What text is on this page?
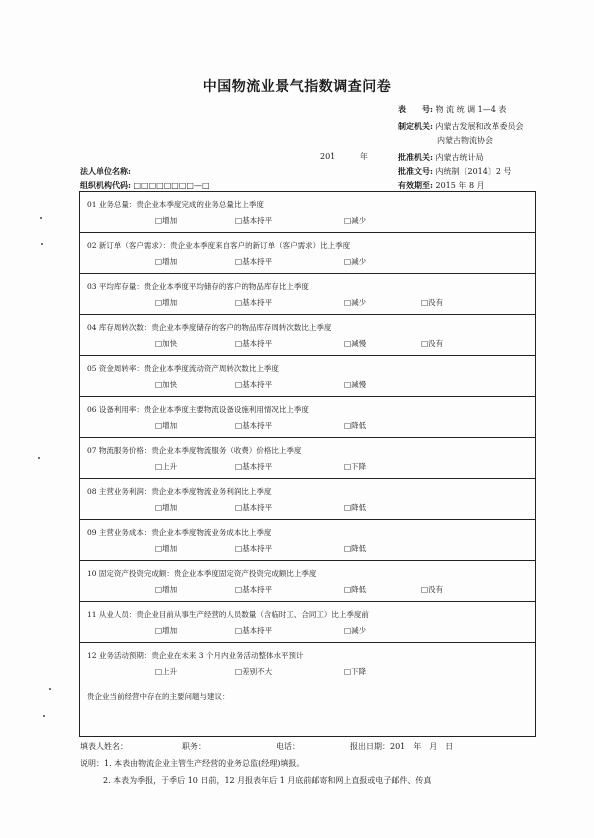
中国物流业景气指数调查问卷
表　　号: 物 流 统 调 1—4 表
制定机关: 内蒙古发展和改革委员会
内蒙古物流协会
201	年	批准机关: 内蒙古统计局
法人单位名称:	批准文号: 内统制〔2014〕2 号
组织机构代码: □□□□□□□□—□	有效期至: 2015 年 8 月
01 业务总量：贵企业本季度完成的业务总量比上季度
□增加	□基本持平	□减少
02 新订单（客户需求）：贵企业本季度来自客户的新订单（客户需求）比上季度
□增加	□基本持平	□减少
03 平均库存量：贵企业本季度平均储存的客户的物品库存比上季度
□增加	□基本持平	□减少	□没有
04 库存周转次数：贵企业本季度储存的客户的物品库存周转次数比上季度
□加快	□基本持平	□减慢	□没有
05 资金周转率：贵企业本季度流动资产周转次数比上季度
□加快	□基本持平	□减慢
06 设备利用率：贵企业本季度主要物流设备设施利用情况比上季度
□增加	□基本持平	□降低
07 物流服务价格：贵企业本季度物流服务（收费）价格比上季度
□上升	□基本持平	□下降
08 主营业务利润：贵企业本季度物流业务利润比上季度
□增加	□基本持平	□降低
09 主营业务成本：贵企业本季度物流业务成本比上季度
□增加	□基本持平	□降低
10 固定资产投资完成额：贵企业本季度固定资产投资完成额比上季度
□增加	□基本持平	□降低	□没有
11 从业人员：贵企业目前从事生产经营的人员数量（含临时工、合同工）比上季度前
□增加	□基本持平	□减少
12 业务活动预期：贵企业在未来 3 个月内业务活动整体水平预计
□上升	□差别不大	□下降
贵企业当前经营中存在的主要问题与建议：
填表人姓名：	职务：	电话：	报出日期：201　年　月　日
说明：1. 本表由物流企业主管生产经营的业务总监(经理)填报。
2. 本表为季报，于季后 10 日前，12 月报表年后 1 月底前邮寄和网上直报或电子邮件、传真
